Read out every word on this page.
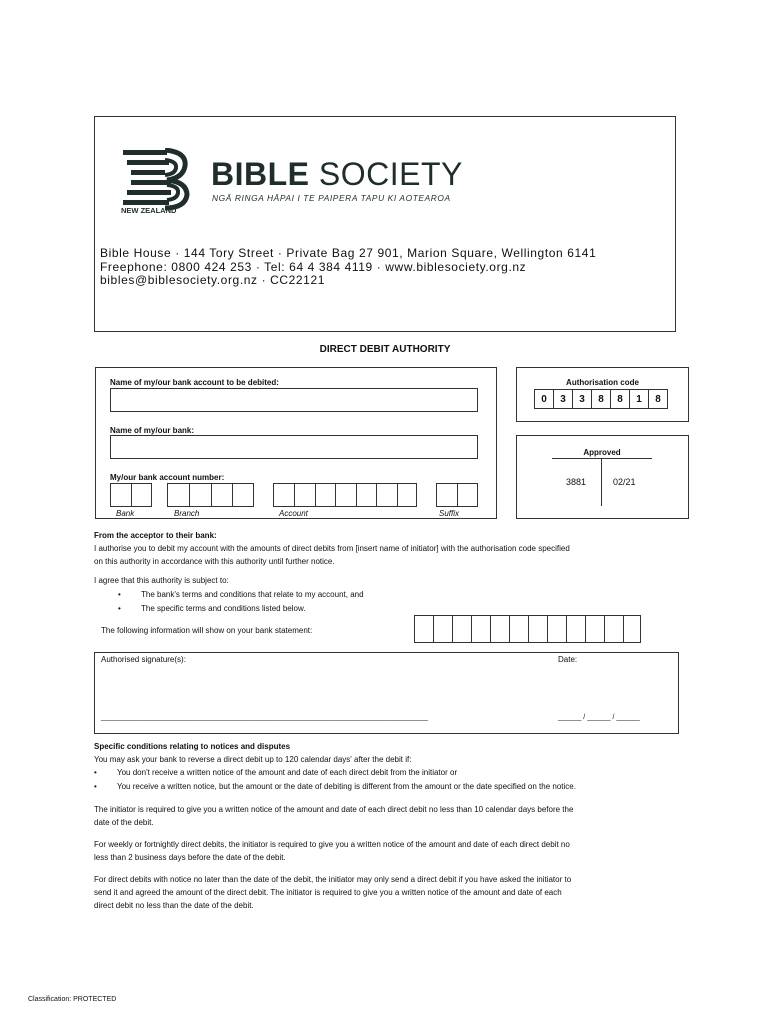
NEW ZEALAND
BIBLE SOCIETY
NGĀ RINGA HĀPAI I TE PAIPERA TAPU KI AOTEAROA
Bible House · 144 Tory Street · Private Bag 27 901, Marion Square, Wellington 6141
Freephone: 0800 424 253 · Tel: 64 4 384 4119 · www.biblesociety.org.nz
bibles@biblesociety.org.nz · CC22121
DIRECT DEBIT AUTHORITY
Name of my/our bank account to be debited:
Name of my/our bank:
My/our bank account number:
Bank	Branch	Account	Suffix
Authorisation code
0	3	3	8	8	1	8
Approved
3881	02/21
From the acceptor to their bank:
I authorise you to debit my account with the amounts of direct debits from [insert name of initiator] with the authorisation code specified
on this authority in accordance with this authority until further notice.
I agree that this authority is subject to:
•	The bank's terms and conditions that relate to my account, and
•	The specific terms and conditions listed below.
The following information will show on your bank statement:
Authorised signature(s):	Date:
____________________________________________________________________________________	______ / ______ / ______
Specific conditions relating to notices and disputes
You may ask your bank to reverse a direct debit up to 120 calendar days' after the debit if:
•	You don't receive a written notice of the amount and date of each direct debit from the initiator or
•	You receive a written notice, but the amount or the date of debiting is different from the amount or the date specified on the notice.
The initiator is required to give you a written notice of the amount and date of each direct debit no less than 10 calendar days before the
date of the debit.
For weekly or fortnightly direct debits, the initiator is required to give you a written notice of the amount and date of each direct debit no
less than 2 business days before the date of the debit.
For direct debits with notice no later than the date of the debit, the initiator may only send a direct debit if you have asked the initiator to
send it and agreed the amount of the direct debit. The initiator is required to give you a written notice of the amount and date of each
direct debit no less than the date of the debit.
Classification: PROTECTED
